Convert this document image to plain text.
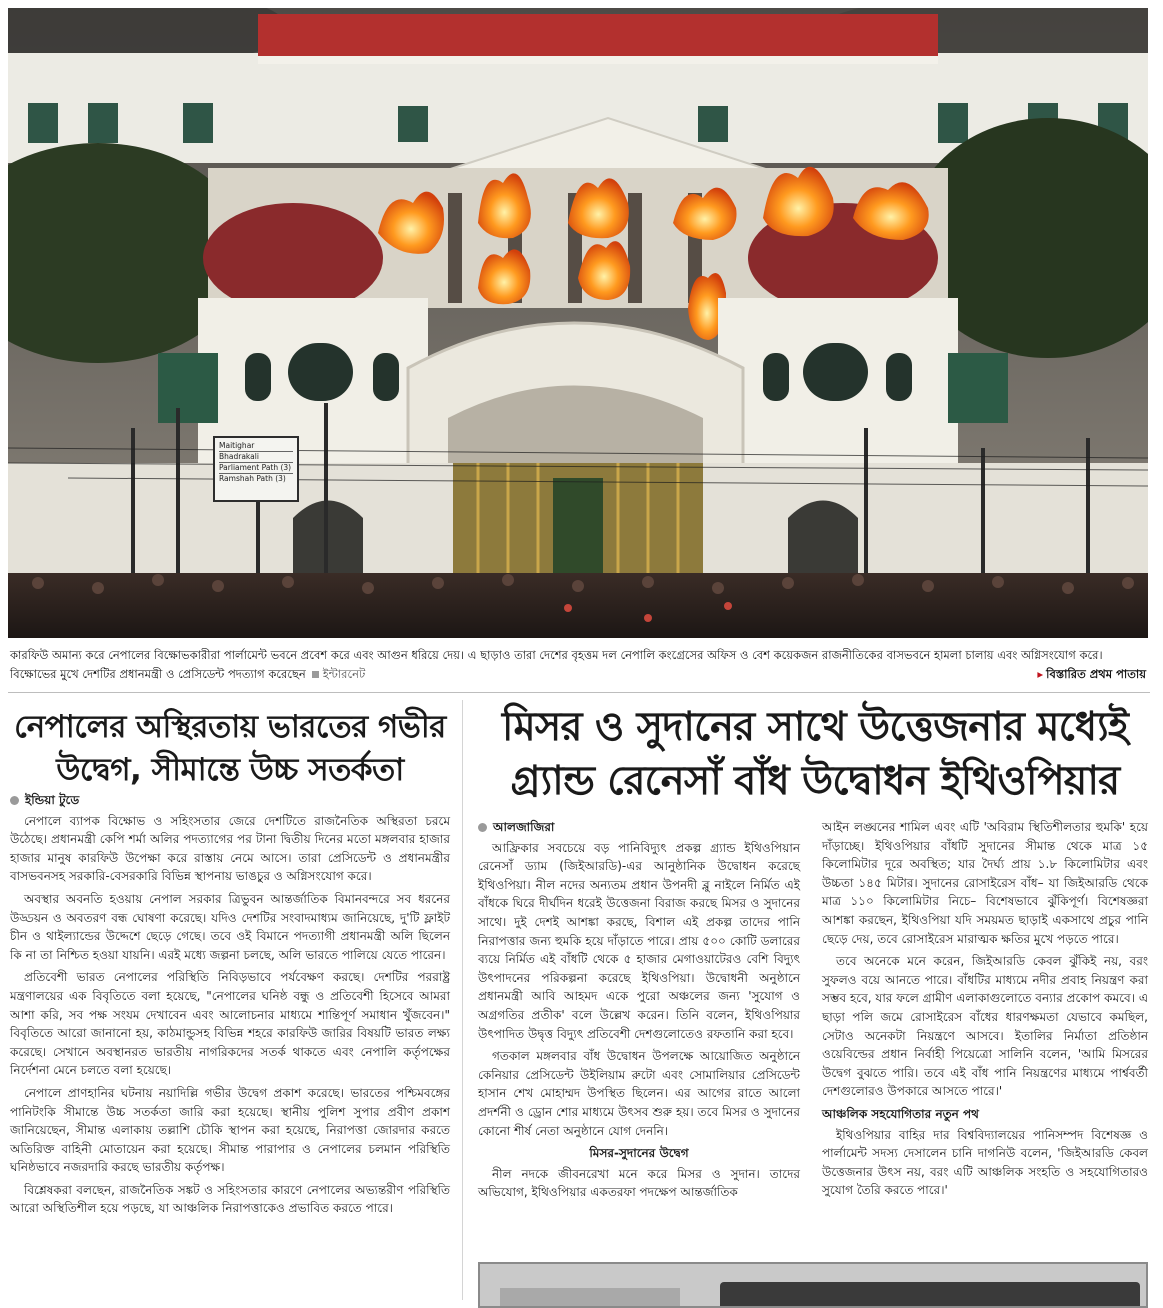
Maitighar
Bhadrakali
Parliament Path (3)
Ramshah Path (3)
কারফিউ অমান্য করে নেপালের বিক্ষোভকারীরা পার্লামেন্ট ভবনে প্রবেশ করে এবং আগুন ধরিয়ে দেয়। এ ছাড়াও তারা দেশের বৃহত্তম দল নেপালি কংগ্রেসের অফিস ও বেশ কয়েকজন রাজনীতিকের বাসভবনে হামলা চালায় এবং অগ্নিসংযোগ করে। বিক্ষোভের মুখে দেশটির প্রধানমন্ত্রী ও প্রেসিডেন্ট পদত্যাগ করেছেন ইন্টারনেট	▸ বিস্তারিত প্রথম পাতায়
নেপালের অস্থিরতায় ভারতের গভীর উদ্বেগ, সীমান্তে উচ্চ সতর্কতা
মিসর ও সুদানের সাথে উত্তেজনার মধ্যেই গ্র্যান্ড রেনেসাঁ বাঁধ উদ্বোধন ইথিওপিয়ার
ইন্ডিয়া টুডে

নেপালে ব্যাপক বিক্ষোভ ও সহিংসতার জেরে দেশটিতে রাজনৈতিক অস্থিরতা চরমে উঠেছে। প্রধানমন্ত্রী কেপি শর্মা অলির পদত্যাগের পর টানা দ্বিতীয় দিনের মতো মঙ্গলবার হাজার হাজার মানুষ কারফিউ উপেক্ষা করে রাস্তায় নেমে আসে। তারা প্রেসিডেন্ট ও প্রধানমন্ত্রীর বাসভবনসহ সরকারি-বেসরকারি বিভিন্ন স্থাপনায় ভাঙচুর ও অগ্নিসংযোগ করে।

অবস্থার অবনতি হওয়ায় নেপাল সরকার ত্রিভুবন আন্তর্জাতিক বিমানবন্দরে সব ধরনের উড্ডয়ন ও অবতরণ বন্ধ ঘোষণা করেছে। যদিও দেশটির সংবাদমাধ্যম জানিয়েছে, দু'টি ফ্লাইট চীন ও থাইল্যান্ডের উদ্দেশে ছেড়ে গেছে। তবে ওই বিমানে পদত্যাগী প্রধানমন্ত্রী অলি ছিলেন কি না তা নিশ্চিত হওয়া যায়নি। এরই মধ্যে জল্পনা চলছে, অলি ভারতে পালিয়ে যেতে পারেন।

প্রতিবেশী ভারত নেপালের পরিস্থিতি নিবিড়ভাবে পর্যবেক্ষণ করছে। দেশটির পররাষ্ট্র মন্ত্রণালয়ের এক বিবৃতিতে বলা হয়েছে, "নেপালের ঘনিষ্ঠ বন্ধু ও প্রতিবেশী হিসেবে আমরা আশা করি, সব পক্ষ সংযম দেখাবেন এবং আলোচনার মাধ্যমে শান্তিপূর্ণ সমাধান খুঁজবেন।" বিবৃতিতে আরো জানানো হয়, কাঠমান্ডুসহ বিভিন্ন শহরে কারফিউ জারির বিষয়টি ভারত লক্ষ্য করেছে। সেখানে অবস্থানরত ভারতীয় নাগরিকদের সতর্ক থাকতে এবং নেপালি কর্তৃপক্ষের নির্দেশনা মেনে চলতে বলা হয়েছে।

নেপালে প্রাণহানির ঘটনায় নয়াদিল্লি গভীর উদ্বেগ প্রকাশ করেছে। ভারতের পশ্চিমবঙ্গের পানিটংকি সীমান্তে উচ্চ সতর্কতা জারি করা হয়েছে। স্থানীয় পুলিশ সুপার প্রবীণ প্রকাশ জানিয়েছেন, সীমান্ত এলাকায় তল্লাশি চৌকি স্থাপন করা হয়েছে, নিরাপত্তা জোরদার করতে অতিরিক্ত বাহিনী মোতায়েন করা হয়েছে। সীমান্ত পারাপার ও নেপালের চলমান পরিস্থিতি ঘনিষ্ঠভাবে নজরদারি করছে ভারতীয় কর্তৃপক্ষ।

বিশ্লেষকরা বলছেন, রাজনৈতিক সঙ্কট ও সহিংসতার কারণে নেপালের অভ্যন্তরীণ পরিস্থিতি আরো অস্থিতিশীল হয়ে পড়ছে, যা আঞ্চলিক নিরাপত্তাকেও প্রভাবিত করতে পারে।

আলজাজিরা

আফ্রিকার সবচেয়ে বড় পানিবিদ্যুৎ প্রকল্প গ্র্যান্ড ইথিওপিয়ান রেনেসাঁ ড্যাম (জিইআরডি)-এর আনুষ্ঠানিক উদ্বোধন করেছে ইথিওপিয়া। নীল নদের অন্যতম প্রধান উপনদী ব্লু নাইলে নির্মিত এই বাঁধকে ঘিরে দীর্ঘদিন ধরেই উত্তেজনা বিরাজ করছে মিসর ও সুদানের সাথে। দুই দেশই আশঙ্কা করছে, বিশাল এই প্রকল্প তাদের পানি নিরাপত্তার জন্য হুমকি হয়ে দাঁড়াতে পারে। প্রায় ৫০০ কোটি ডলারের ব্যয়ে নির্মিত এই বাঁধটি থেকে ৫ হাজার মেগাওয়াটেরও বেশি বিদ্যুৎ উৎপাদনের পরিকল্পনা করেছে ইথিওপিয়া। উদ্বোধনী অনুষ্ঠানে প্রধানমন্ত্রী আবি আহমদ একে পুরো অঞ্চলের জন্য 'সুযোগ ও অগ্রগতির প্রতীক' বলে উল্লেখ করেন। তিনি বলেন, ইথিওপিয়ার উৎপাদিত উদ্বৃত্ত বিদ্যুৎ প্রতিবেশী দেশগুলোতেও রফতানি করা হবে।

গতকাল মঙ্গলবার বাঁধ উদ্বোধন উপলক্ষে আয়োজিত অনুষ্ঠানে কেনিয়ার প্রেসিডেন্ট উইলিয়াম রুটো এবং সোমালিয়ার প্রেসিডেন্ট হাসান শেখ মোহাম্মদ উপস্থিত ছিলেন। এর আগের রাতে আলো প্রদর্শনী ও ড্রোন শোর মাধ্যমে উৎসব শুরু হয়। তবে মিসর ও সুদানের কোনো শীর্ষ নেতা অনুষ্ঠানে যোগ দেননি।

মিসর-সুদানের উদ্বেগ

নীল নদকে জীবনরেখা মনে করে মিসর ও সুদান। তাদের অভিযোগ, ইথিওপিয়ার একতরফা পদক্ষেপ আন্তর্জাতিক

আইন লঙ্ঘনের শামিল এবং এটি 'অবিরাম স্থিতিশীলতার হুমকি' হয়ে দাঁড়াচ্ছে। ইথিওপিয়ার বাঁধটি সুদানের সীমান্ত থেকে মাত্র ১৫ কিলোমিটার দূরে অবস্থিত; যার দৈর্ঘ্য প্রায় ১.৮ কিলোমিটার এবং উচ্চতা ১৪৫ মিটার। সুদানের রোসাইরেস বাঁধ– যা জিইআরডি থেকে মাত্র ১১০ কিলোমিটার নিচে– বিশেষভাবে ঝুঁকিপূর্ণ। বিশেষজ্ঞরা আশঙ্কা করছেন, ইথিওপিয়া যদি সময়মত ছাড়াই একসাথে প্রচুর পানি ছেড়ে দেয়, তবে রোসাইরেস মারাত্মক ক্ষতির মুখে পড়তে পারে।

তবে অনেকে মনে করেন, জিইআরডি কেবল ঝুঁকিই নয়, বরং সুফলও বয়ে আনতে পারে। বাঁধটির মাধ্যমে নদীর প্রবাহ নিয়ন্ত্রণ করা সম্ভব হবে, যার ফলে গ্রামীণ এলাকাগুলোতে বন্যার প্রকোপ কমবে। এ ছাড়া পলি জমে রোসাইরেস বাঁধের ধারণক্ষমতা যেভাবে কমছিল, সেটাও অনেকটা নিয়ন্ত্রণে আসবে। ইতালির নির্মাতা প্রতিষ্ঠান ওয়েবিল্ডের প্রধান নির্বাহী পিয়েত্রো সালিনি বলেন, 'আমি মিসরের উদ্বেগ বুঝতে পারি। তবে এই বাঁধ পানি নিয়ন্ত্রণের মাধ্যমে পার্শ্ববর্তী দেশগুলোরও উপকারে আসতে পারে।'

আঞ্চলিক সহযোগিতার নতুন পথ

ইথিওপিয়ার বাহির দার বিশ্ববিদ্যালয়ের পানিসম্পদ বিশেষজ্ঞ ও পার্লামেন্ট সদস্য দেসালেন চানি দাগনিউ বলেন, 'জিইআরডি কেবল উত্তেজনার উৎস নয়, বরং এটি আঞ্চলিক সংহতি ও সহযোগিতারও সুযোগ তৈরি করতে পারে।'
